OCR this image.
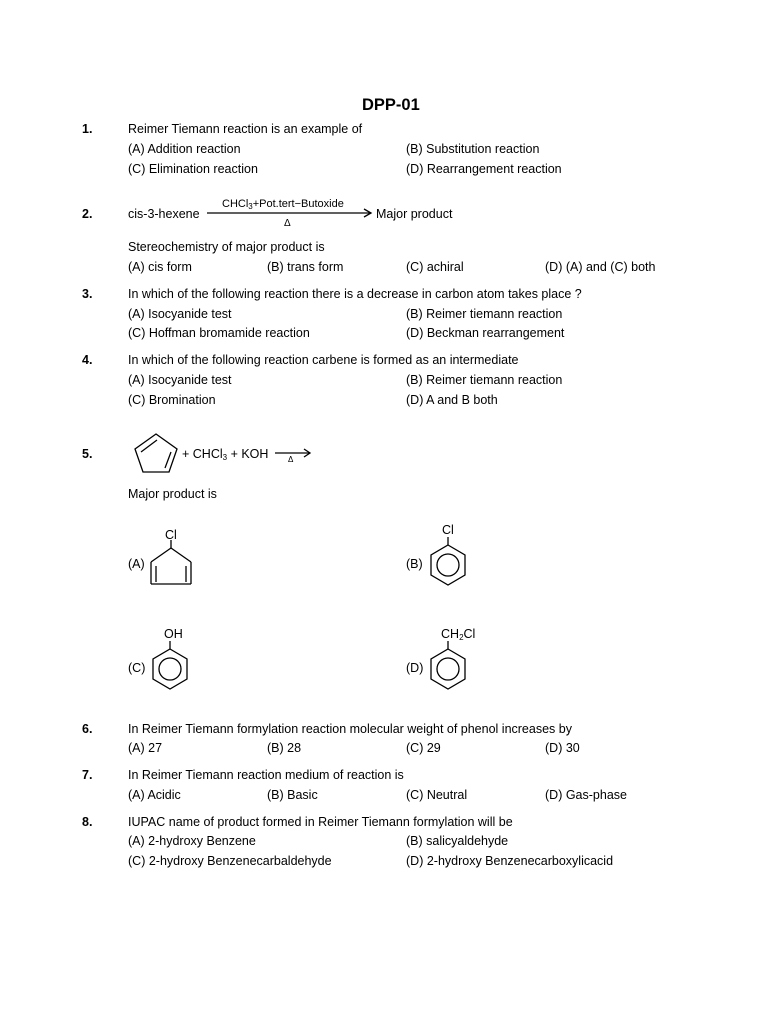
DPP-01
1.	Reimer Tiemann reaction is an example of
(A) Addition reaction	(B) Substitution reaction
(C) Elimination reaction	(D) Rearrangement reaction
2.	cis-3-hexene
CHCl$_3$+Pot.tert−Butoxide
Δ
Major product
Stereochemistry of major product is
(A) cis form	(B) trans form	(C) achiral	(D) (A) and (C) both
3.	In which of the following reaction there is a decrease in carbon atom takes place ?
(A) Isocyanide test	(B) Reimer tiemann reaction
(C) Hoffman bromamide reaction	(D) Beckman rearrangement
4.	In which of the following reaction carbene is formed as an intermediate
(A) Isocyanide test	(B) Reimer tiemann reaction
(C) Bromination	(D) A and B both
5.	+ CHCl$_3$ + KOH →
Δ
Major product is
(A)
Cl
(B)
Cl
(C)
OH
(D)
$CH_2Cl$
6.	In Reimer Tiemann formylation reaction molecular weight of phenol increases by
(A) 27	(B) 28	(C) 29	(D) 30
7.	In Reimer Tiemann reaction medium of reaction is
(A) Acidic	(B) Basic	(C) Neutral	(D) Gas-phase
8.	IUPAC name of product formed in Reimer Tiemann formylation will be
(A) 2-hydroxy Benzene	(B) salicyaldehyde
(C) 2-hydroxy Benzenecarbaldehyde	(D) 2-hydroxy Benzenecarboxylicacid
